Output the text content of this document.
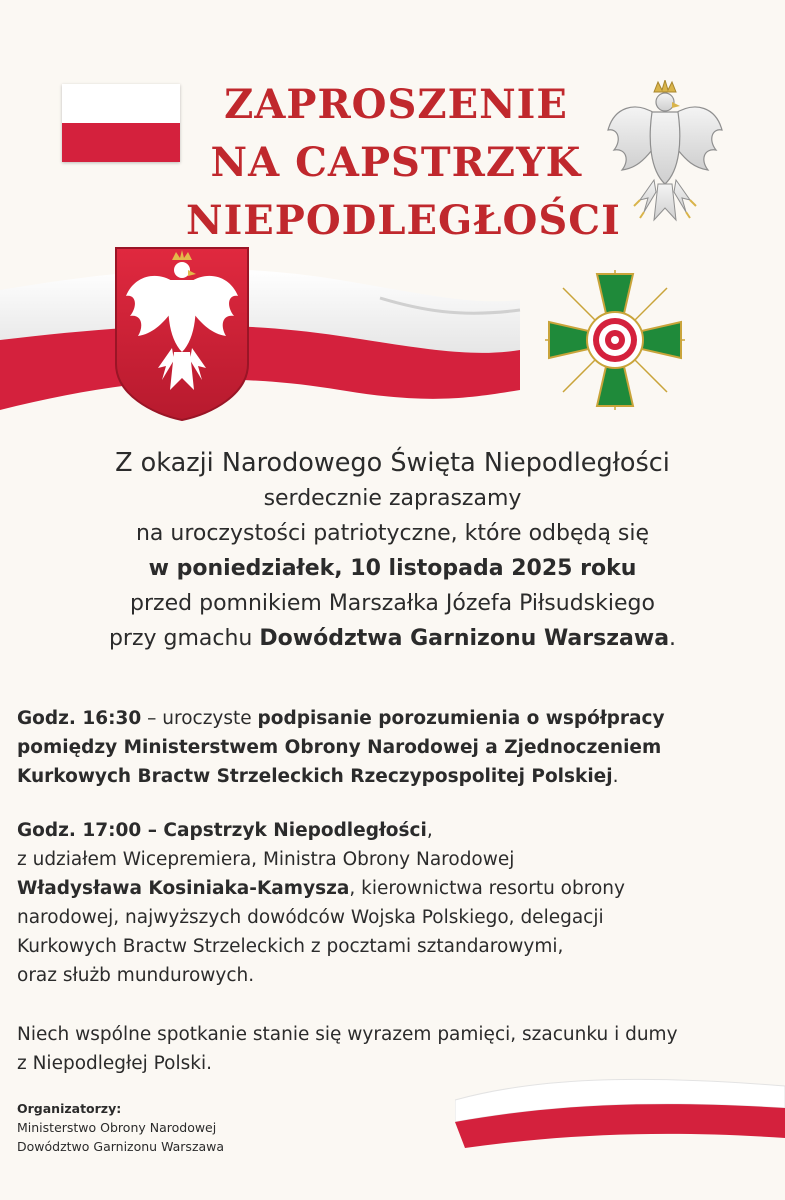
ZAPROSZENIE
NA CAPSTRZYK
NIEPODLEGŁOŚCI
Z okazji Narodowego Święta Niepodległości
serdecznie zapraszamy
na uroczystości patriotyczne, które odbędą się
w poniedziałek, 10 listopada 2025 roku
przed pomnikiem Marszałka Józefa Piłsudskiego
przy gmachu Dowództwa Garnizonu Warszawa.
Godz. 16:30 – uroczyste podpisanie porozumienia o współpracy
pomiędzy Ministerstwem Obrony Narodowej a Zjednoczeniem
Kurkowych Bractw Strzeleckich Rzeczypospolitej Polskiej.
Godz. 17:00 – Capstrzyk Niepodległości,
z udziałem Wicepremiera, Ministra Obrony Narodowej
Władysława Kosiniaka-Kamysza, kierownictwa resortu obrony
narodowej, najwyższych dowódców Wojska Polskiego, delegacji
Kurkowych Bractw Strzeleckich z pocztami sztandarowymi,
oraz służb mundurowych.
Niech wspólne spotkanie stanie się wyrazem pamięci, szacunku i dumy
z Niepodległej Polski.
Organizatorzy:
Ministerstwo Obrony Narodowej
Dowództwo Garnizonu Warszawa
